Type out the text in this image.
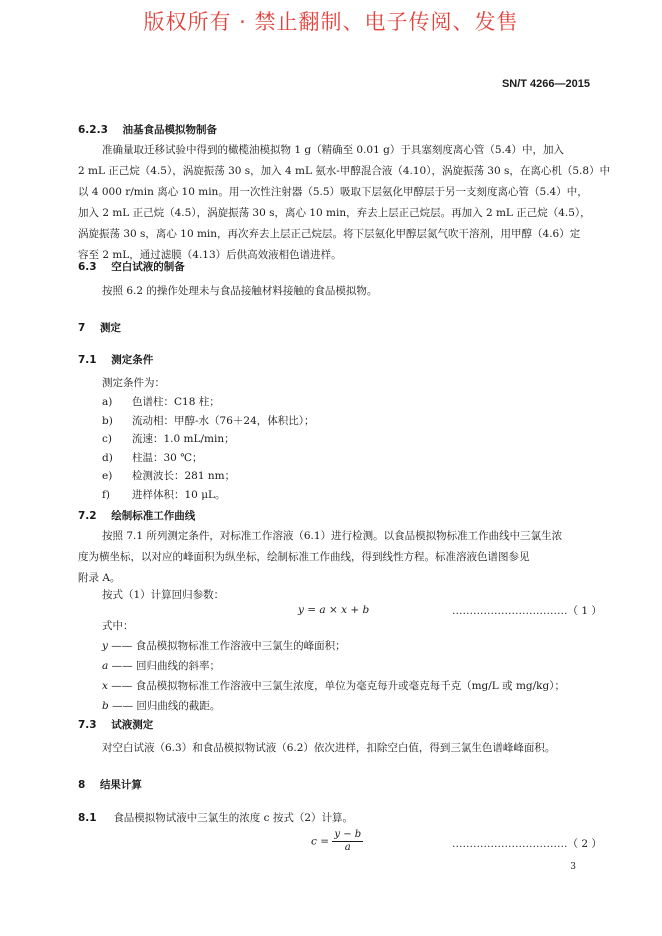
版权所有 · 禁止翻制、电子传阅、发售
SN/T 4266—2015
6.2.3 油基食品模拟物制备
准确量取迁移试验中得到的橄榄油模拟物 1 g（精确至 0.01 g）于具塞刻度离心管（5.4）中，加入
2 mL 正己烷（4.5），涡旋振荡 30 s，加入 4 mL 氨水-甲醇混合液（4.10），涡旋振荡 30 s，在离心机（5.8）中
以 4 000 r/min 离心 10 min。用一次性注射器（5.5）吸取下层氨化甲醇层于另一支刻度离心管（5.4）中，
加入 2 mL 正己烷（4.5），涡旋振荡 30 s，离心 10 min，弃去上层正己烷层。再加入 2 mL 正己烷（4.5），
涡旋振荡 30 s，离心 10 min，再次弃去上层正己烷层。将下层氨化甲醇层氮气吹干溶剂，用甲醇（4.6）定
容至 2 mL，通过滤膜（4.13）后供高效液相色谱进样。
6.3 空白试液的制备
按照 6.2 的操作处理未与食品接触材料接触的食品模拟物。
7 测定
7.1 测定条件
测定条件为：
a) 色谱柱：C18 柱；
b) 流动相：甲醇-水（76＋24，体积比）；
c) 流速：1.0 mL/min；
d) 柱温：30 ℃；
e) 检测波长：281 nm；
f) 进样体积：10 μL。
7.2 绘制标准工作曲线
按照 7.1 所列测定条件，对标准工作溶液（6.1）进行检测。以食品模拟物标准工作曲线中三氯生浓
度为横坐标，以对应的峰面积为纵坐标，绘制标准工作曲线，得到线性方程。标准溶液色谱图参见
附录 A。
按式（1）计算回归参数：
y = a × x + b	……………………………（ 1 ）
式中：
y —— 食品模拟物标准工作溶液中三氯生的峰面积；
a —— 回归曲线的斜率；
x —— 食品模拟物标准工作溶液中三氯生浓度，单位为毫克每升或毫克每千克（mg/L 或 mg/kg）；
b —— 回归曲线的截距。
7.3 试液测定
对空白试液（6.3）和食品模拟物试液（6.2）依次进样，扣除空白值，得到三氯生色谱峰峰面积。
8 结果计算
8.1 食品模拟物试液中三氯生的浓度 c 按式（2）计算。
$c = \frac{y - b}{a}$	……………………………（ 2 ）
3
